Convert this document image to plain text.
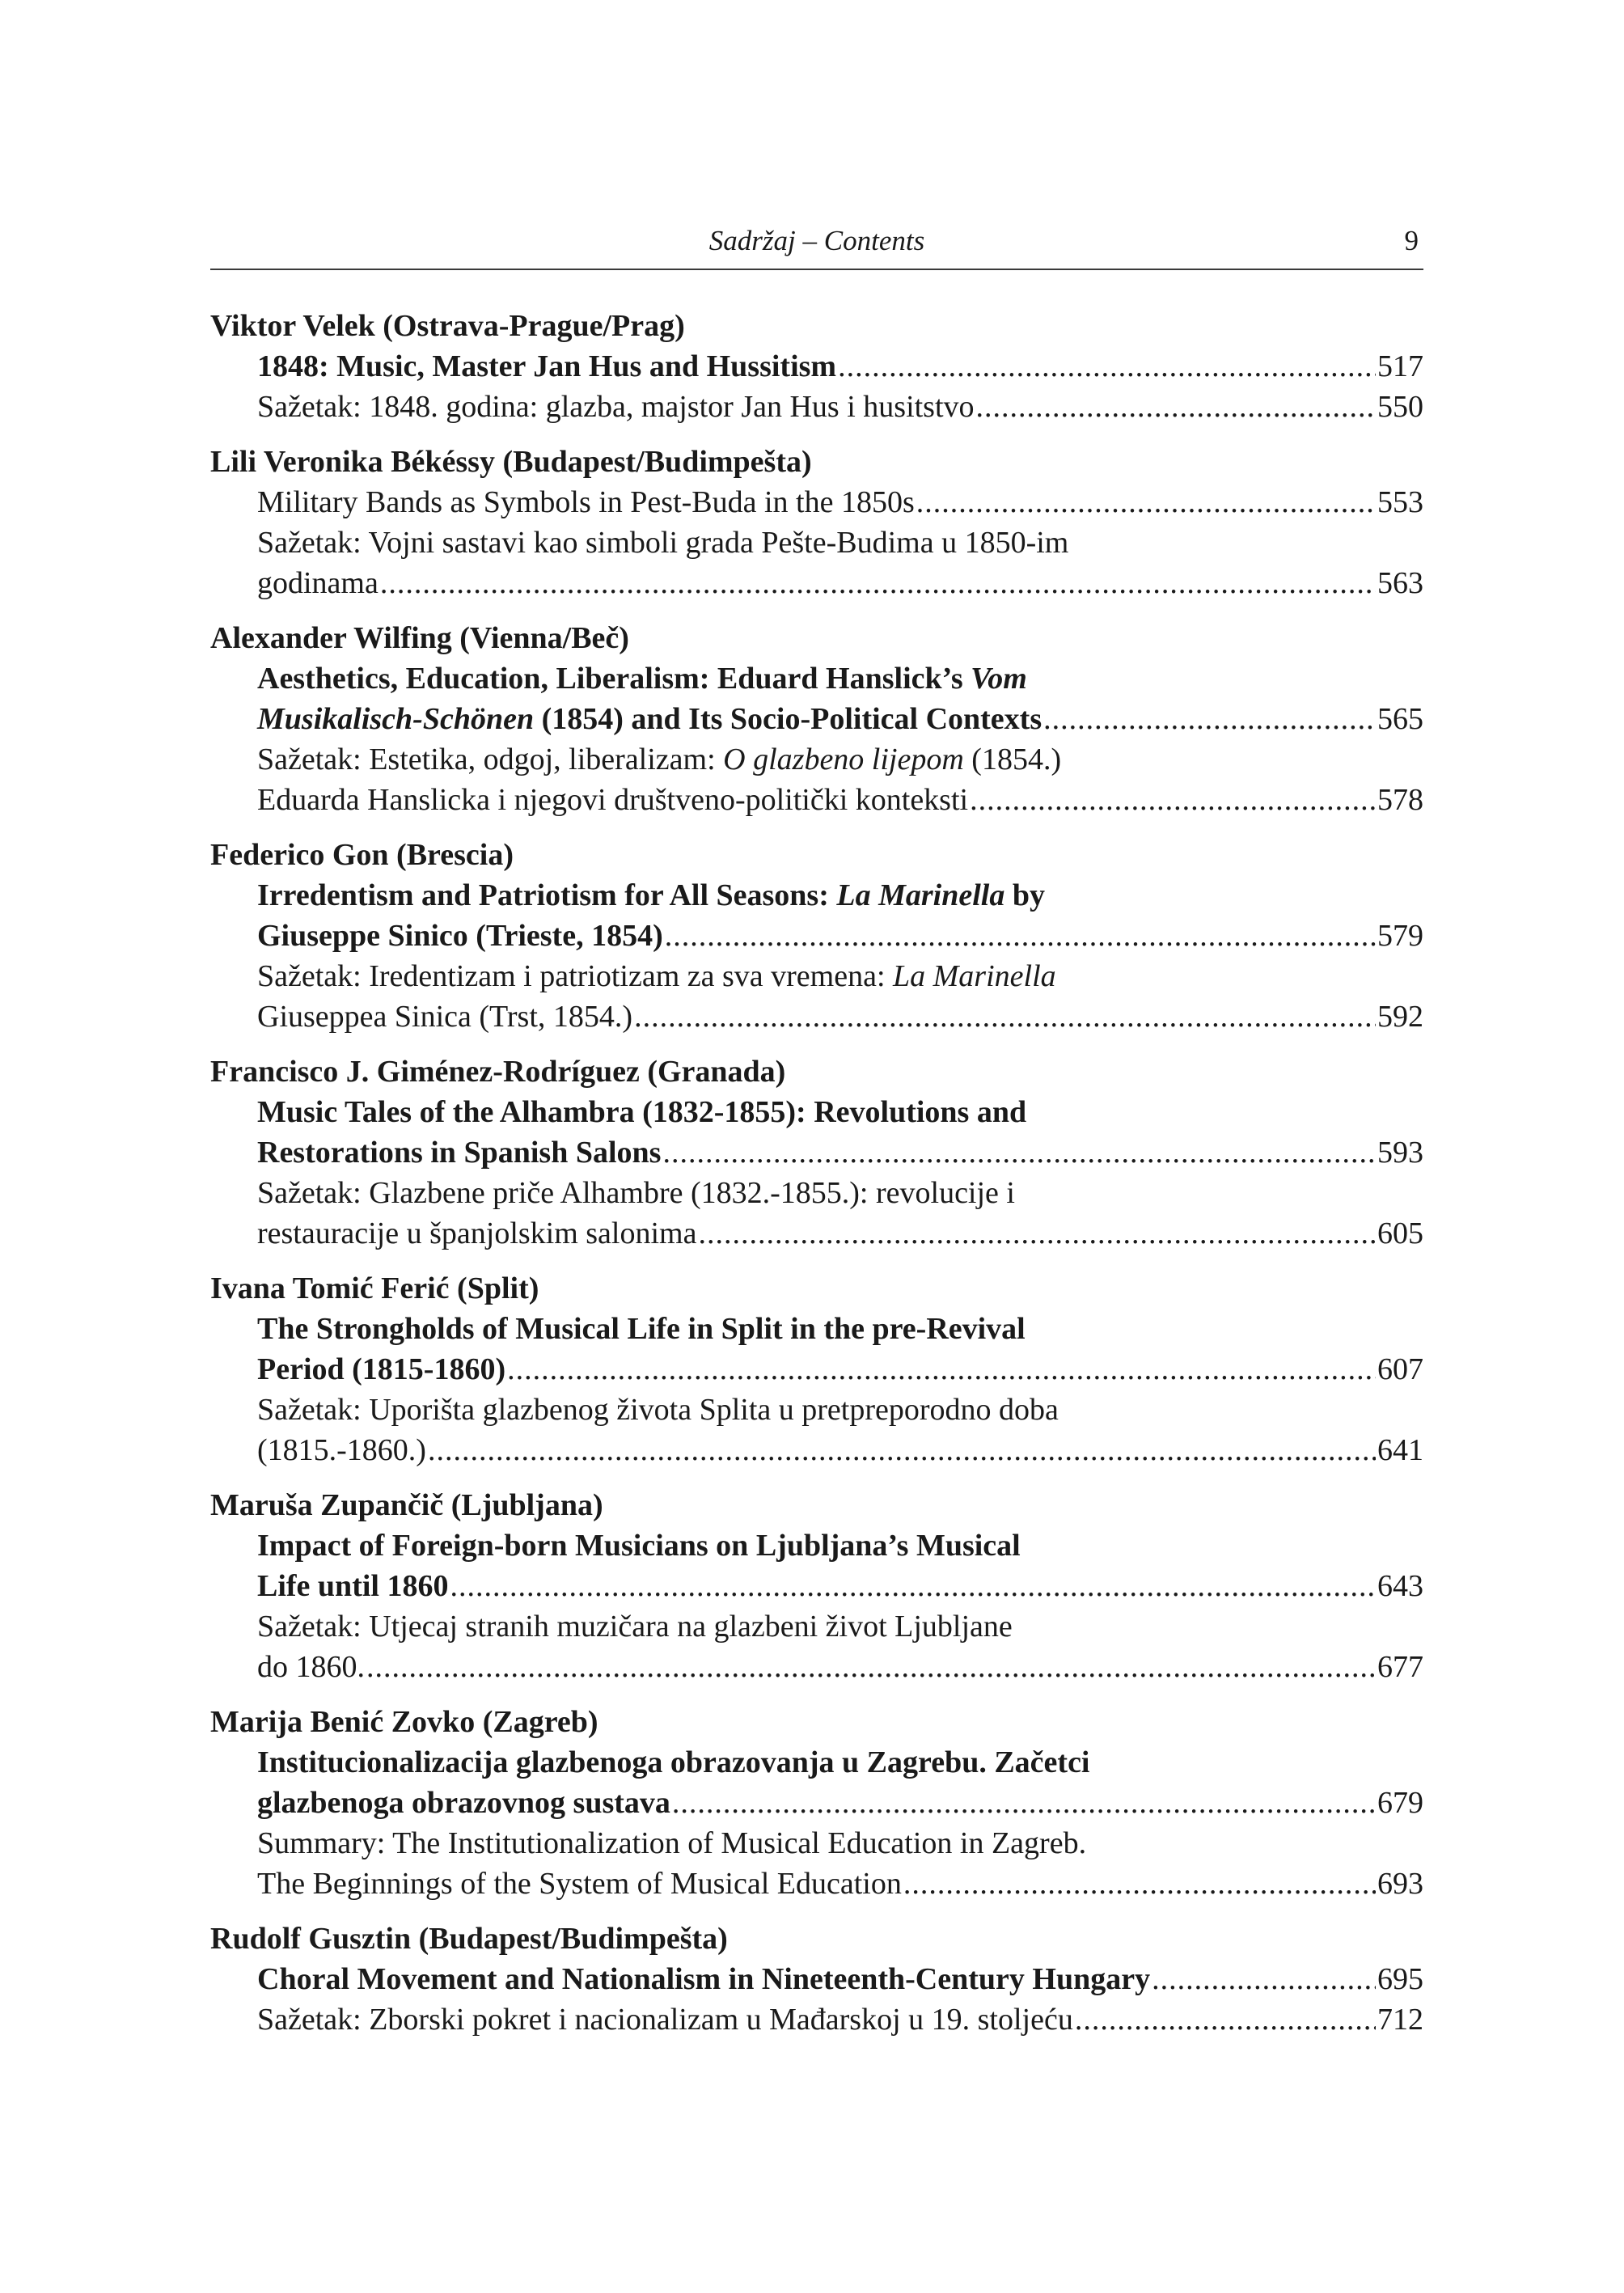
Sadržaj – Contents	9
Viktor Velek (Ostrava-Prague/Prag)
1848: Music, Master Jan Hus and Hussitism .....	517
Sažetak: 1848. godina: glazba, majstor Jan Hus i husitstvo .....	550
Lili Veronika Békéssy (Budapest/Budimpešta)
Military Bands as Symbols in Pest-Buda in the 1850s .....	553
Sažetak: Vojni sastavi kao simboli grada Pešte-Budima u 1850-im
godinama .....	563
Alexander Wilfing (Vienna/Beč)
Aesthetics, Education, Liberalism: Eduard Hanslick’s Vom
Musikalisch-Schönen (1854) and Its Socio-Political Contexts .....	565
Sažetak: Estetika, odgoj, liberalizam: O glazbeno lijepom (1854.)
Eduarda Hanslicka i njegovi društveno-politički konteksti .....	578
Federico Gon (Brescia)
Irredentism and Patriotism for All Seasons: La Marinella by
Giuseppe Sinico (Trieste, 1854) .....	579
Sažetak: Iredentizam i patriotizam za sva vremena: La Marinella
Giuseppea Sinica (Trst, 1854.) .....	592
Francisco J. Giménez-Rodríguez (Granada)
Music Tales of the Alhambra (1832-1855): Revolutions and
Restorations in Spanish Salons .....	593
Sažetak: Glazbene priče Alhambre (1832.-1855.): revolucije i
restauracije u španjolskim salonima .....	605
Ivana Tomić Ferić (Split)
The Strongholds of Musical Life in Split in the pre-Revival
Period (1815-1860) .....	607
Sažetak: Uporišta glazbenog života Splita u pretpreporodno doba
(1815.-1860.) .....	641
Maruša Zupančič (Ljubljana)
Impact of Foreign-born Musicians on Ljubljana’s Musical
Life until 1860 .....	643
Sažetak: Utjecaj stranih muzičara na glazbeni život Ljubljane
do 1860. .....	677
Marija Benić Zovko (Zagreb)
Institucionalizacija glazbenoga obrazovanja u Zagrebu. Začetci
glazbenoga obrazovnog sustava .....	679
Summary: The Institutionalization of Musical Education in Zagreb.
The Beginnings of the System of Musical Education .....	693
Rudolf Gusztin (Budapest/Budimpešta)
Choral Movement and Nationalism in Nineteenth-Century Hungary .....	695
Sažetak: Zborski pokret i nacionalizam u Mađarskoj u 19. stoljeću .....	712
